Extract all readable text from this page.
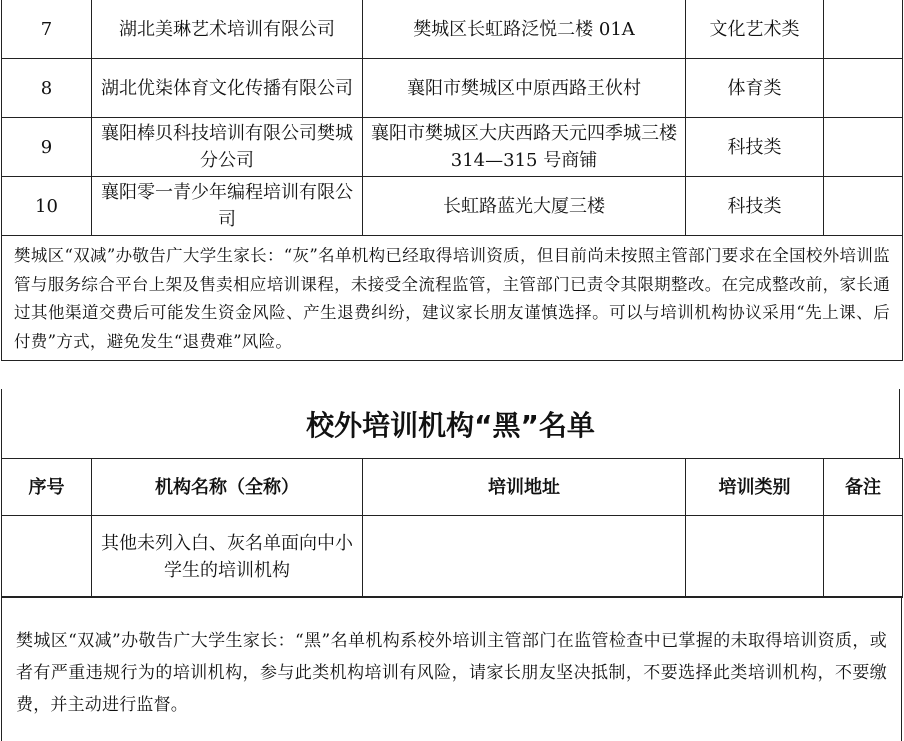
7	湖北美琳艺术培训有限公司	樊城区长虹路泛悦二楼 01A	文化艺术类	
8	湖北优柒体育文化传播有限公司	襄阳市樊城区中原西路王伙村	体育类	
9	襄阳棒贝科技培训有限公司樊城分公司	襄阳市樊城区大庆西路天元四季城三楼 314—315 号商铺	科技类	
10	襄阳零一青少年编程培训有限公司	长虹路蓝光大厦三楼	科技类	
樊城区“双减”办敬告广大学生家长：“灰”名单机构已经取得培训资质，但目前尚未按照主管部门要求在全国校外培训监管与服务综合平台上架及售卖相应培训课程，未接受全流程监管，主管部门已责令其限期整改。在完成整改前，家长通过其他渠道交费后可能发生资金风险、产生退费纠纷，建议家长朋友谨慎选择。可以与培训机构协议采用“先上课、后付费”方式，避免发生“退费难”风险。				
校外培训机构“黑”名单
序号	机构名称（全称）	培训地址	培训类别	备注
	其他未列入白、灰名单面向中小学生的培训机构			
樊城区“双减”办敬告广大学生家长：“黑”名单机构系校外培训主管部门在监管检查中已掌握的未取得培训资质，或者有严重违规行为的培训机构，参与此类机构培训有风险，请家长朋友坚决抵制，不要选择此类培训机构，不要缴费，并主动进行监督。
